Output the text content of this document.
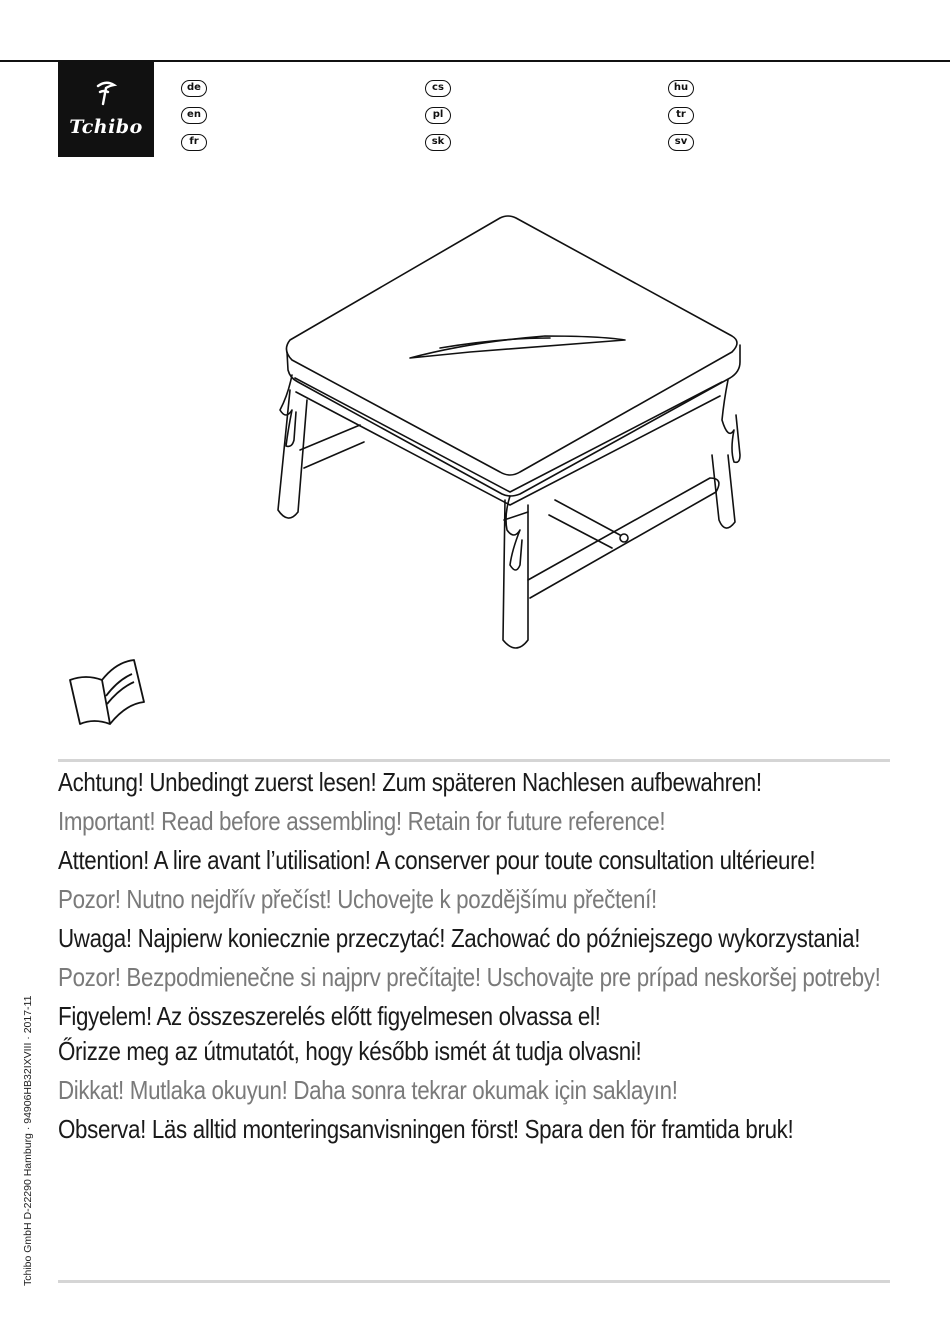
Tchibo
de
en
fr
cs
pl
sk
hu
tr
sv

Achtung! Unbedingt zuerst lesen! Zum späteren Nachlesen aufbewahren!

Important! Read before assembling! Retain for future reference!

Attention! A lire avant l’utilisation! A conserver pour toute consultation ultérieure!

Pozor! Nutno nejdřív přečíst! Uchovejte k pozdějšímu přečtení!

Uwaga! Najpierw koniecznie przeczytać! Zachować do późniejszego wykorzystania!

Pozor! Bezpodmienečne si najprv prečítajte! Uschovajte pre prípad neskoršej potreby!

Figyelem! Az összeszerelés előtt figyelmesen olvassa el!
Őrizze meg az útmutatót, hogy később ismét át tudja olvasni!

Dikkat! Mutlaka okuyun! Daha sonra tekrar okumak için saklayın!

Observa! Läs alltid monteringsanvisningen först! Spara den för framtida bruk!

Tchibo GmbH D-22290 Hamburg · 94906HB32IXVIII · 2017-11
